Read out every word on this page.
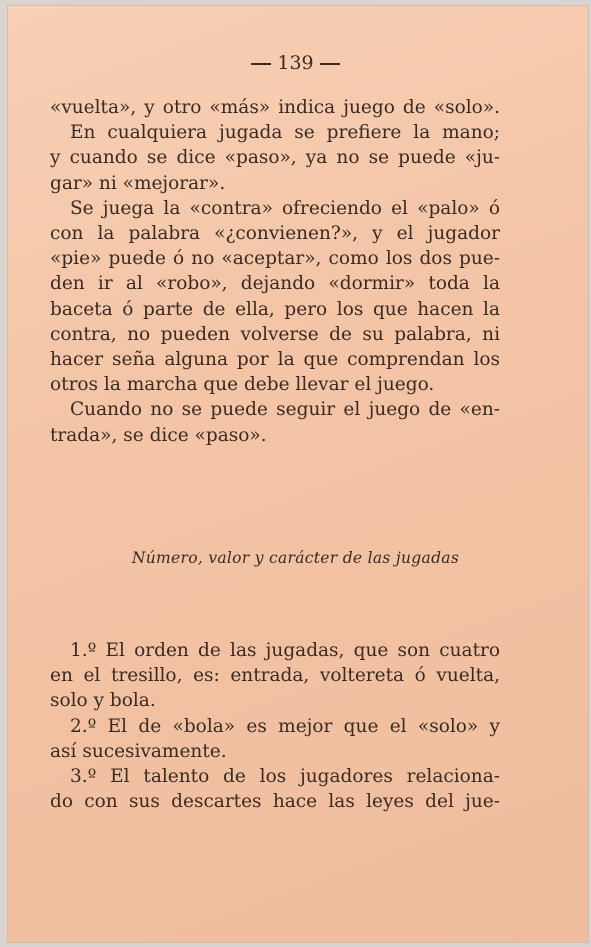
139
«vuelta», y otro «más» indica juego de «solo».
En cualquiera jugada se prefiere la mano;
y cuando se dice «paso», ya no se puede «ju-
gar» ni «mejorar».
Se juega la «contra» ofreciendo el «palo» ó
con la palabra «¿convienen?», y el jugador
«pie» puede ó no «aceptar», como los dos pue-
den ir al «robo», dejando «dormir» toda la
baceta ó parte de ella, pero los que hacen la
contra, no pueden volverse de su palabra, ni
hacer seña alguna por la que comprendan los
otros la marcha que debe llevar el juego.
Cuando no se puede seguir el juego de «en-
trada», se dice «paso».
Número, valor y carácter de las jugadas
1.º El orden de las jugadas, que son cuatro
en el tresillo, es: entrada, voltereta ó vuelta,
solo y bola.
2.º El de «bola» es mejor que el «solo» y
así sucesivamente.
3.º El talento de los jugadores relaciona-
do con sus descartes hace las leyes del jue-
